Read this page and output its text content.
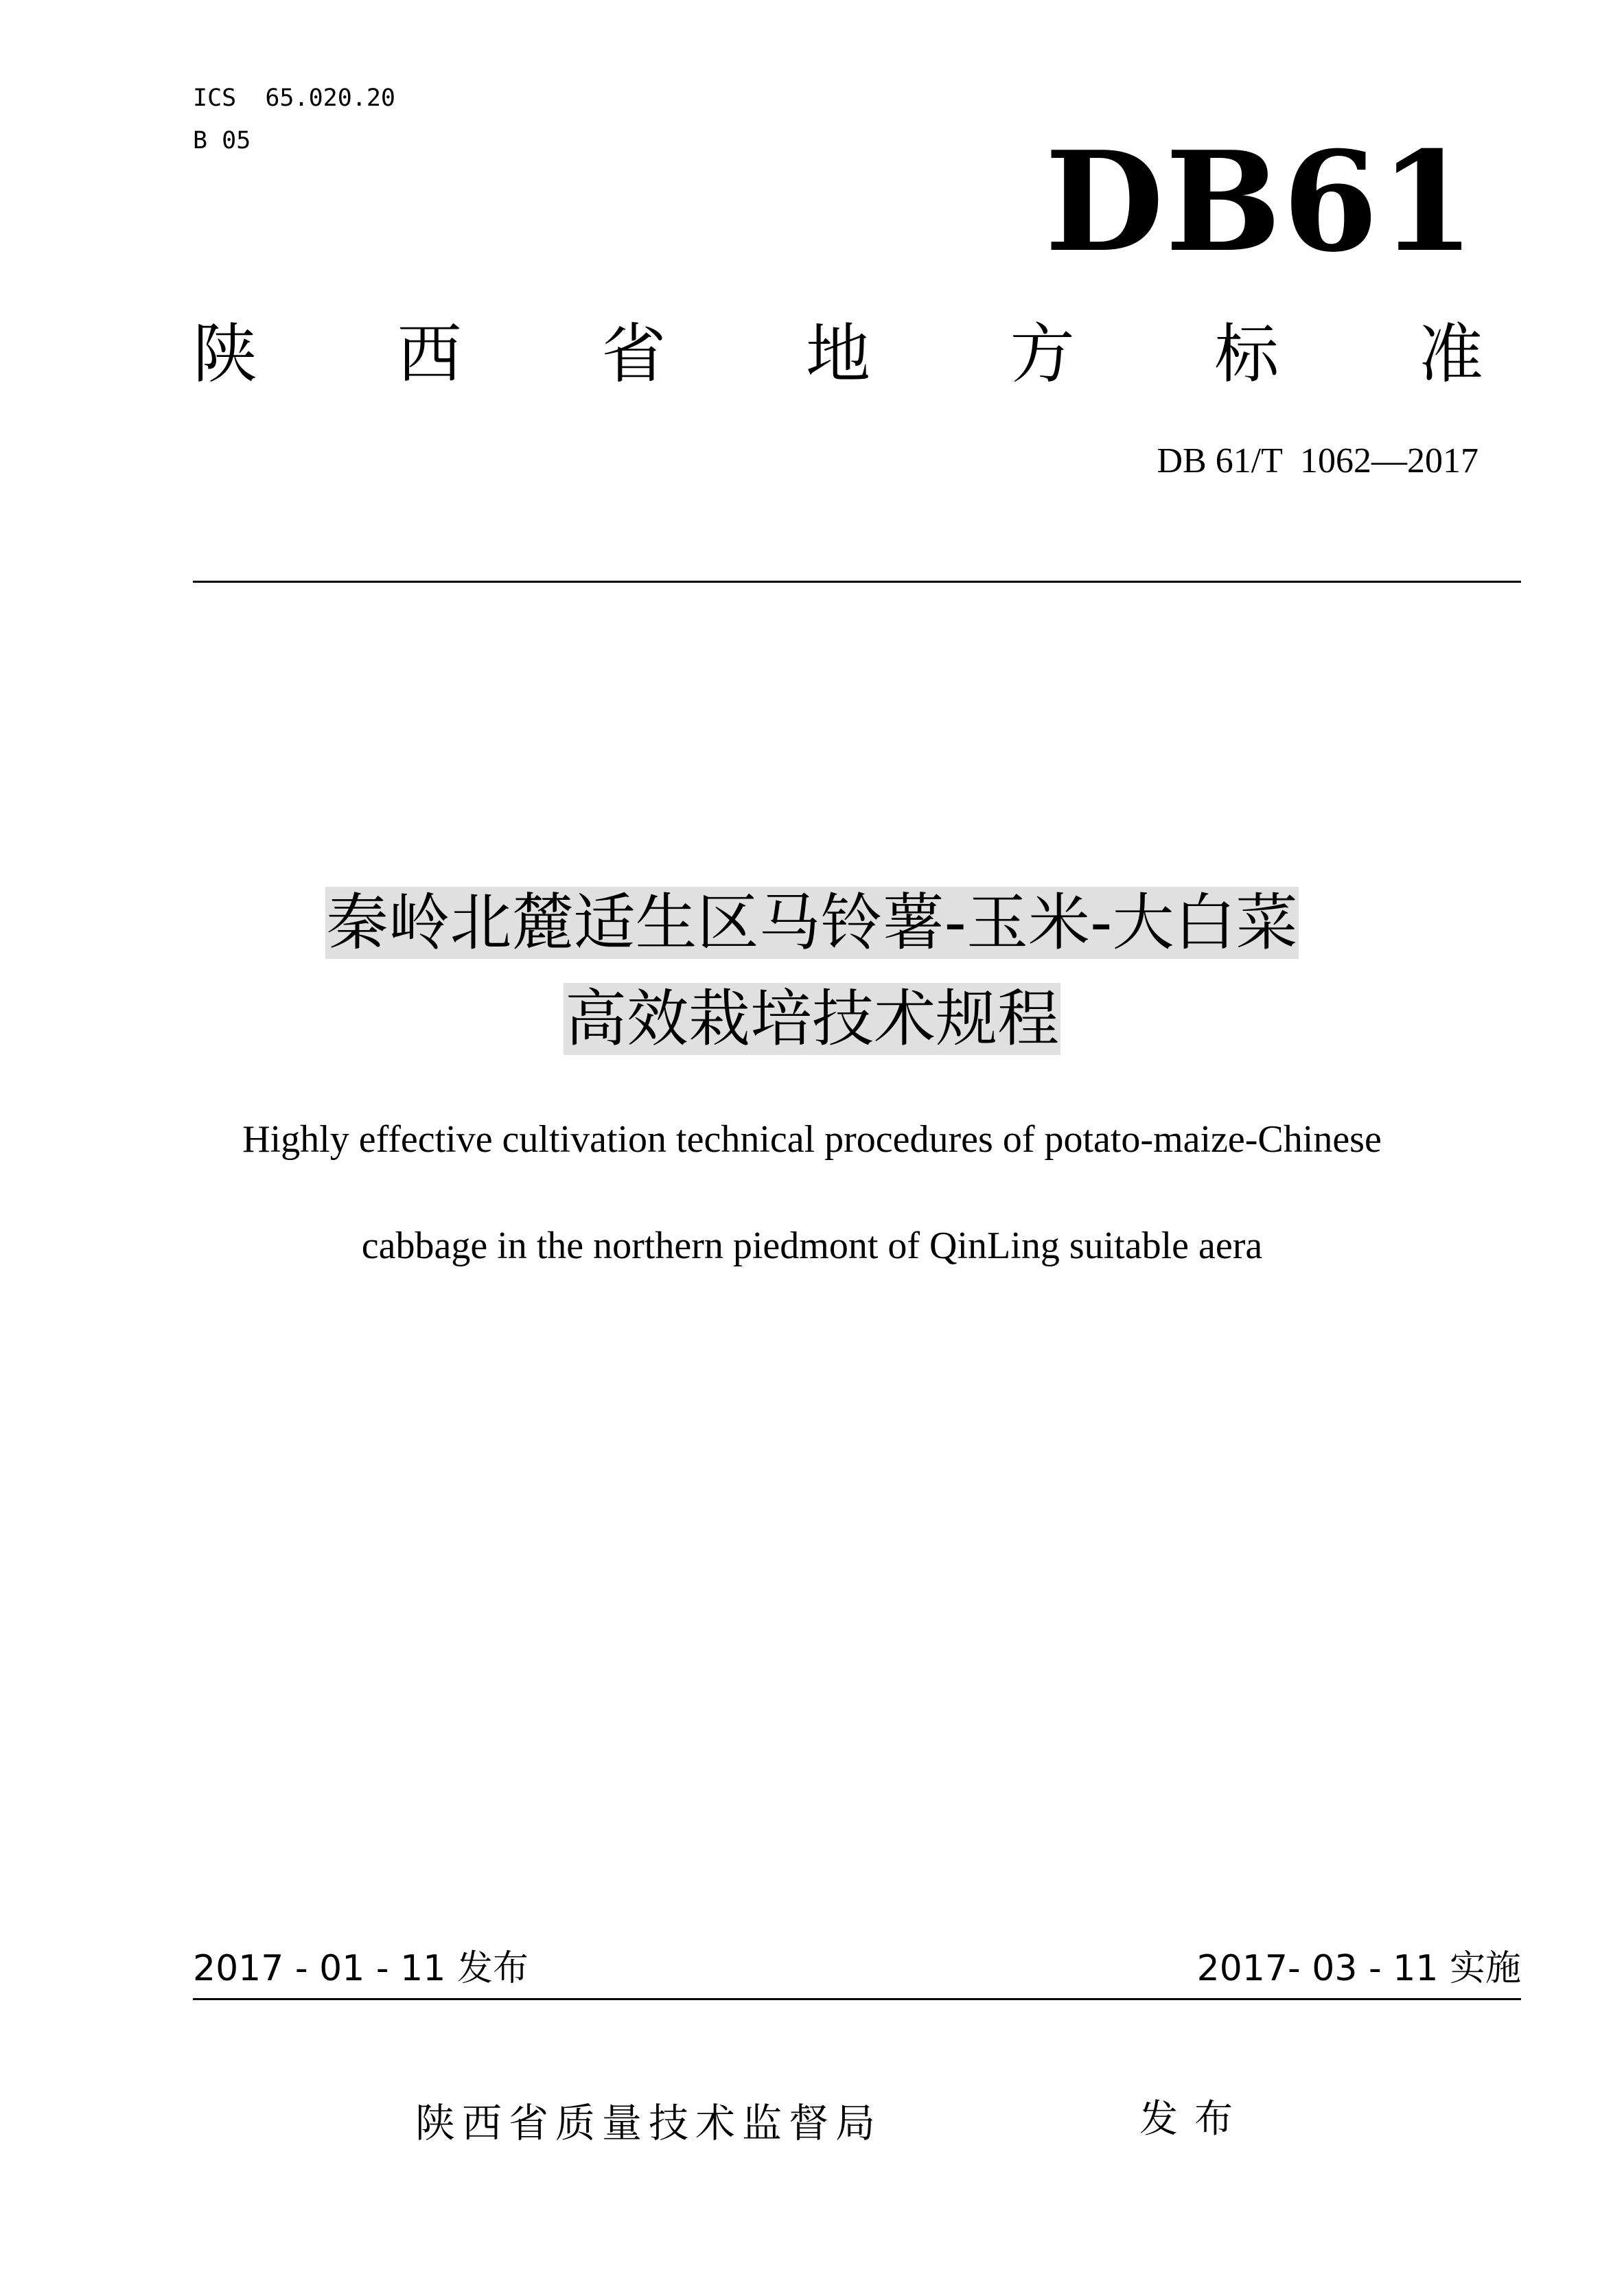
ICS  65.020.20
B 05	DB61
陕 西 省 地 方 标 准
DB 61/T  1062—2017
秦岭北麓适生区马铃薯-玉米-大白菜
高效栽培技术规程
Highly effective cultivation technical procedures of potato-maize-Chinese
cabbage in the northern piedmont of QinLing suitable aera
2017 - 01 - 11 发布	2017- 03 - 11 实施
陕西省质量技术监督局	发布
